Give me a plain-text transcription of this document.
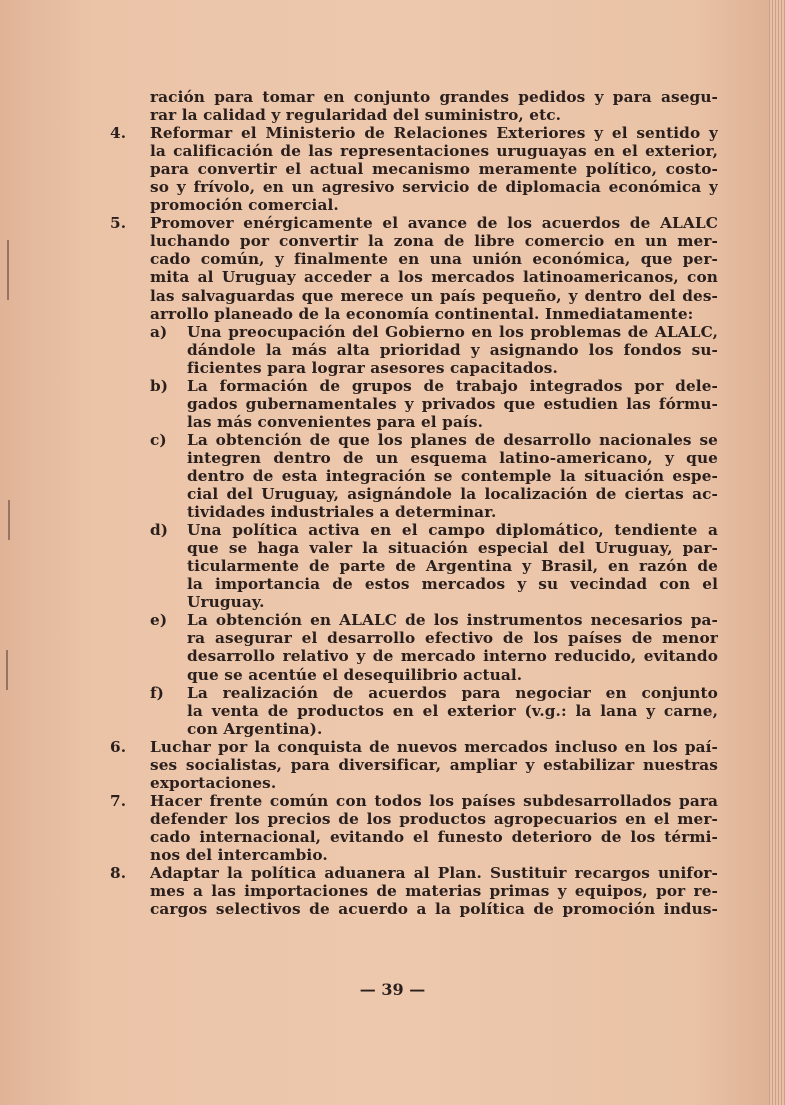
ración para tomar en conjunto grandes pedidos y para asegu-
rar la calidad y regularidad del suministro, etc.
4.	Reformar el Ministerio de Relaciones Exteriores y el sentido y
la calificación de las representaciones uruguayas en el exterior,
para convertir el actual mecanismo meramente político, costo-
so y frívolo, en un agresivo servicio de diplomacia económica y
promoción comercial.
5.	Promover enérgicamente el avance de los acuerdos de ALALC
luchando por convertir la zona de libre comercio en un mer-
cado común, y finalmente en una unión económica, que per-
mita al Uruguay acceder a los mercados latinoamericanos, con
las salvaguardas que merece un país pequeño, y dentro del des-
arrollo planeado de la economía continental. Inmediatamente:
a)	Una preocupación del Gobierno en los problemas de ALALC,
dándole la más alta prioridad y asignando los fondos su-
ficientes para lograr asesores capacitados.
b)	La formación de grupos de trabajo integrados por dele-
gados gubernamentales y privados que estudien las fórmu-
las más convenientes para el país.
c)	La obtención de que los planes de desarrollo nacionales se
integren dentro de un esquema latino-americano, y que
dentro de esta integración se contemple la situación espe-
cial del Uruguay, asignándole la localización de ciertas ac-
tividades industriales a determinar.
d)	Una política activa en el campo diplomático, tendiente a
que se haga valer la situación especial del Uruguay, par-
ticularmente de parte de Argentina y Brasil, en razón de
la importancia de estos mercados y su vecindad con el
Uruguay.
e)	La obtención en ALALC de los instrumentos necesarios pa-
ra asegurar el desarrollo efectivo de los países de menor
desarrollo relativo y de mercado interno reducido, evitando
que se acentúe el desequilibrio actual.
f)	La realización de acuerdos para negociar en conjunto
la venta de productos en el exterior (v.g.: la lana y carne,
con Argentina).
6.	Luchar por la conquista de nuevos mercados incluso en los paí-
ses socialistas, para diversificar, ampliar y estabilizar nuestras
exportaciones.
7.	Hacer frente común con todos los países subdesarrollados para
defender los precios de los productos agropecuarios en el mer-
cado internacional, evitando el funesto deterioro de los térmi-
nos del intercambio.
8.	Adaptar la política aduanera al Plan. Sustituir recargos unifor-
mes a las importaciones de materias primas y equipos, por re-
cargos selectivos de acuerdo a la política de promoción indus-
— 39 —
